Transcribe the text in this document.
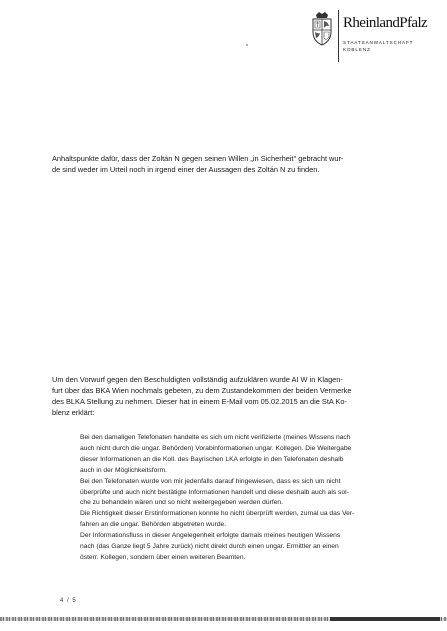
RheinlandPfalz
STAATSANWALTSCHAFT
KOBLENZ
Anhaltspunkte dafür, dass der Zoltán N gegen seinen Willen „in Sicherheit" gebracht wur-
de sind weder im Urteil noch in irgend einer der Aussagen des Zoltán N zu finden.
Um den Vorwurf gegen den Beschuldigten vollständig aufzuklären wurde AI W in Klagen-
furt über das BKA Wien nochmals gebeten, zu dem Zustandekommen der beiden Vermerke
des BLKA Stellung zu nehmen. Dieser hat in einem E-Mail vom 05.02.2015 an die StA Ko-
blenz erklärt:
Bei den damaligen Telefonaten handelte es sich um nicht verifizierte (meines Wissens nach
auch nicht durch die ungar. Behörden) Vorabinformationen ungar. Kollegen. Die Weitergabe
dieser Informationen an die Koll. des Bayrischen LKA erfolgte in den Telefonaten deshalb
auch in der Möglichkeitsform.
Bei den Telefonaten wurde von mir jedenfalls darauf hingewiesen, dass es sich um nicht
überprüfte und auch nicht bestätigte Informationen handelt und diese deshalb auch als sol-
che zu behandeln wären und so nicht weitergegeben werden dürfen.
Die Richtigkeit dieser Erstinformationen konnte ho nicht überprüft werden, zumal ua das Ver-
fahren an die ungar. Behörden abgetreten wurde.
Der Informationsfluss in dieser Angelegenheit erfolgte damals meines heutigen Wissens
nach (das Ganze liegt 5 Jahre zurück) nicht direkt durch einen ungar. Ermittler an einen
österr. Kollegen, sondern über einen weiteren Beamten.
4 / 5
